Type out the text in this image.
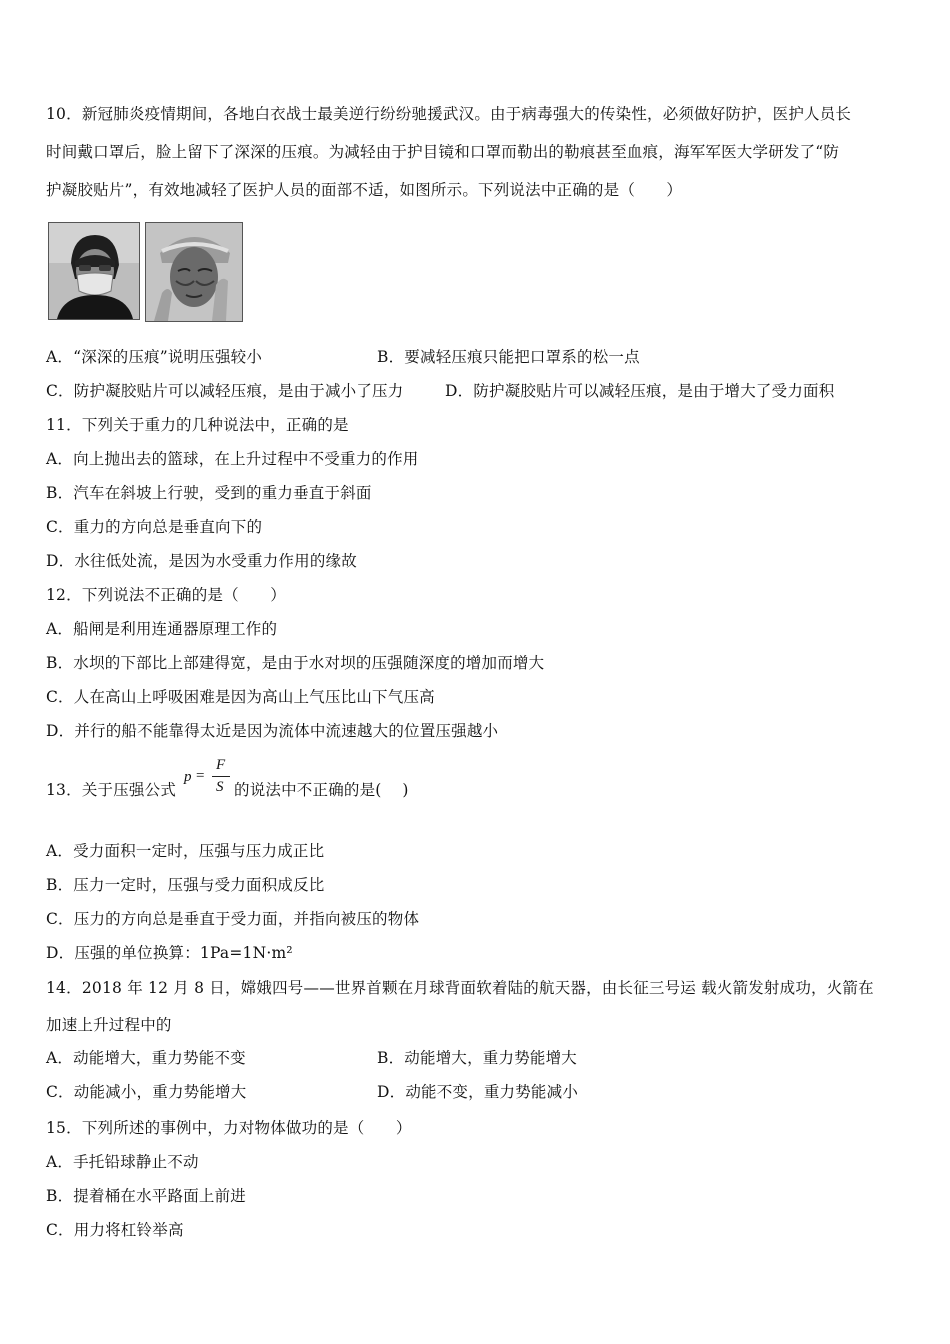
10．新冠肺炎疫情期间，各地白衣战士最美逆行纷纷驰援武汉。由于病毒强大的传染性，必须做好防护，医护人员长
时间戴口罩后，脸上留下了深深的压痕。为减轻由于护目镜和口罩而勒出的勒痕甚至血痕，海军军医大学研发了“防
护凝胶贴片”，有效地减轻了医护人员的面部不适，如图所示。下列说法中正确的是（　　）
A．“深深的压痕”说明压强较小	B．要减轻压痕只能把口罩系的松一点
C．防护凝胶贴片可以减轻压痕，是由于减小了压力	D．防护凝胶贴片可以减轻压痕，是由于增大了受力面积
11．下列关于重力的几种说法中，正确的是
A．向上抛出去的篮球，在上升过程中不受重力的作用
B．汽车在斜坡上行驶，受到的重力垂直于斜面
C．重力的方向总是垂直向下的
D．水往低处流，是因为水受重力作用的缘故
12．下列说法不正确的是（　　）
A．船闸是利用连通器原理工作的
B．水坝的下部比上部建得宽，是由于水对坝的压强随深度的增加而增大
C．人在高山上呼吸困难是因为高山上气压比山下气压高
D．并行的船不能靠得太近是因为流体中流速越大的位置压强越小
13．关于压强公式
p =
F
S 的说法中不正确的是(　 )
A．受力面积一定时，压强与压力成正比
B．压力一定时，压强与受力面积成反比
C．压力的方向总是垂直于受力面，并指向被压的物体
D．压强的单位换算：1Pa=1N·m²
14．2018 年 12 月 8 日，嫦娥四号——世界首颗在月球背面软着陆的航天器，由长征三号运 载火箭发射成功，火箭在
加速上升过程中的
A．动能增大，重力势能不变	B．动能增大，重力势能增大
C．动能减小，重力势能增大	D．动能不变，重力势能减小
15．下列所述的事例中，力对物体做功的是（　　）
A．手托铅球静止不动
B．提着桶在水平路面上前进
C．用力将杠铃举高
